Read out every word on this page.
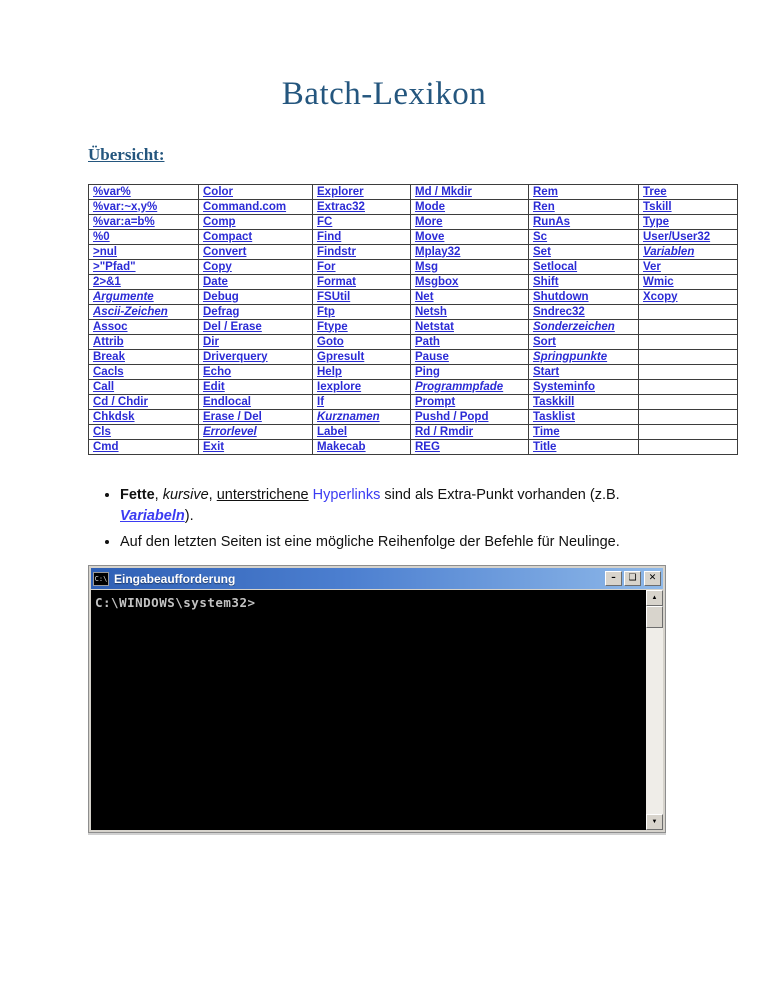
Batch-Lexikon
Übersicht:
%var%	Color	Explorer	Md / Mkdir	Rem	Tree
%var:~x,y%	Command.com	Extrac32	Mode	Ren	Tskill
%var:a=b%	Comp	FC	More	RunAs	Type
%0	Compact	Find	Move	Sc	User/User32
>nul	Convert	Findstr	Mplay32	Set	Variablen
>"Pfad"	Copy	For	Msg	Setlocal	Ver
2>&1	Date	Format	Msgbox	Shift	Wmic
Argumente	Debug	FSUtil	Net	Shutdown	Xcopy
Ascii-Zeichen	Defrag	Ftp	Netsh	Sndrec32	
Assoc	Del / Erase	Ftype	Netstat	Sonderzeichen	
Attrib	Dir	Goto	Path	Sort	
Break	Driverquery	Gpresult	Pause	Springpunkte	
Cacls	Echo	Help	Ping	Start	
Call	Edit	Iexplore	Programmpfade	Systeminfo	
Cd / Chdir	Endlocal	If	Prompt	Taskkill	
Chkdsk	Erase / Del	Kurznamen	Pushd / Popd	Tasklist	
Cls	Errorlevel	Label	Rd / Rmdir	Time	
Cmd	Exit	Makecab	REG	Title	
• Fette, kursive, unterstrichene Hyperlinks sind als Extra-Punkt vorhanden (z.B.
Variabeln).
• Auf den letzten Seiten ist eine mögliche Reihenfolge der Befehle für Neulinge.
C:\ Eingabeaufforderung	–	❑	✕
C:\WINDOWS\system32>	▲
▼
